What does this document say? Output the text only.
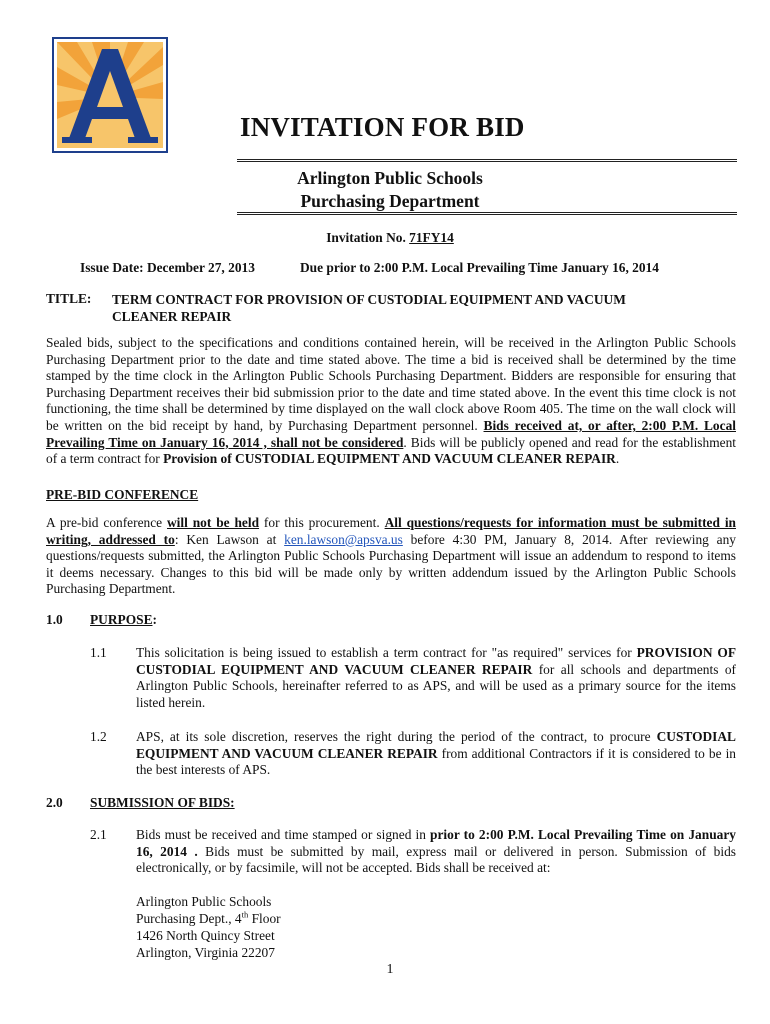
INVITATION FOR BID
Arlington Public Schools
Purchasing Department
Invitation No. 71FY14
Issue Date: December 27, 2013	Due prior to 2:00 P.M. Local Prevailing Time January 16, 2014
TITLE: TERM CONTRACT FOR PROVISION OF CUSTODIAL EQUIPMENT AND VACUUM
CLEANER REPAIR
Sealed bids, subject to the specifications and conditions contained herein, will be received in the Arlington Public Schools Purchasing Department prior to the date and time stated above. The time a bid is received shall be determined by the time stamped by the time clock in the Arlington Public Schools Purchasing Department. Bidders are responsible for ensuring that Purchasing Department receives their bid submission prior to the date and time stated above. In the event this time clock is not functioning, the time shall be determined by time displayed on the wall clock above Room 405. The time on the wall clock will be written on the bid receipt by hand, by Purchasing Department personnel. Bids received at, or after, 2:00 P.M. Local Prevailing Time on January 16, 2014 , shall not be considered. Bids will be publicly opened and read for the establishment of a term contract for Provision of CUSTODIAL EQUIPMENT AND VACUUM CLEANER REPAIR.
PRE-BID CONFERENCE
A pre-bid conference will not be held for this procurement. All questions/requests for information must be submitted in writing, addressed to: Ken Lawson at ken.lawson@apsva.us before 4:30 PM, January 8, 2014. After reviewing any questions/requests submitted, the Arlington Public Schools Purchasing Department will issue an addendum to respond to items it deems necessary. Changes to this bid will be made only by written addendum issued by the Arlington Public Schools Purchasing Department.
1.0 PURPOSE:
1.1 This solicitation is being issued to establish a term contract for "as required" services for PROVISION OF CUSTODIAL EQUIPMENT AND VACUUM CLEANER REPAIR for all schools and departments of Arlington Public Schools, hereinafter referred to as APS, and will be used as a primary source for the items listed herein.
1.2 APS, at its sole discretion, reserves the right during the period of the contract, to procure CUSTODIAL EQUIPMENT AND VACUUM CLEANER REPAIR from additional Contractors if it is considered to be in the best interests of APS.
2.0 SUBMISSION OF BIDS:
2.1 Bids must be received and time stamped or signed in prior to 2:00 P.M. Local Prevailing Time on January 16, 2014 . Bids must be submitted by mail, express mail or delivered in person. Submission of bids electronically, or by facsimile, will not be accepted. Bids shall be received at:
Arlington Public Schools
Purchasing Dept., 4th Floor
1426 North Quincy Street
Arlington, Virginia 22207
1
